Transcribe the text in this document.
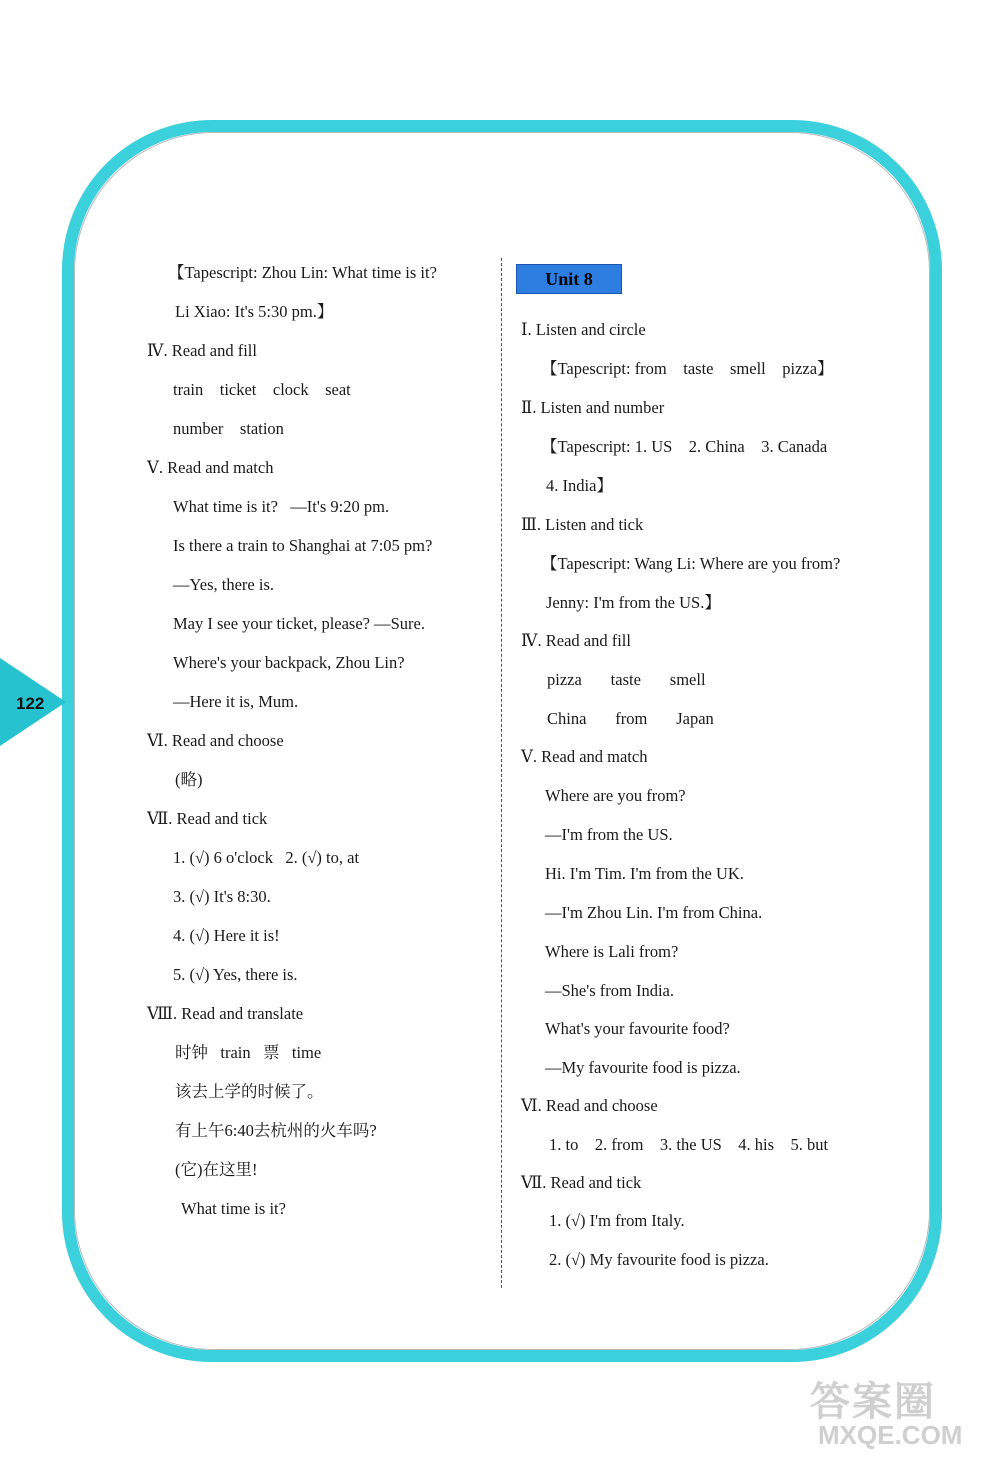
122
【Tapescript: Zhou Lin: What time is it?
Li Xiao: It's 5:30 pm.】
Ⅳ. Read and fill
train    ticket    clock    seat
number    station
Ⅴ. Read and match
What time is it?   —It's 9:20 pm.
Is there a train to Shanghai at 7:05 pm?
—Yes, there is.
May I see your ticket, please? —Sure.
Where's your backpack, Zhou Lin?
—Here it is, Mum.
Ⅵ. Read and choose
(略)
Ⅶ. Read and tick
1. (√) 6 o'clock   2. (√) to, at
3. (√) It's 8:30.
4. (√) Here it is!
5. (√) Yes, there is.
Ⅷ. Read and translate
时钟   train   票   time
该去上学的时候了。
有上午6:40去杭州的火车吗?
(它)在这里!
What time is it?
Unit 8
Ⅰ. Listen and circle
【Tapescript: from    taste    smell    pizza】
Ⅱ. Listen and number
【Tapescript: 1. US    2. China    3. Canada
4. India】
Ⅲ. Listen and tick
【Tapescript: Wang Li: Where are you from?
Jenny: I'm from the US.】
Ⅳ. Read and fill
pizza       taste       smell
China       from       Japan
Ⅴ. Read and match
Where are you from?
—I'm from the US.
Hi. I'm Tim. I'm from the UK.
—I'm Zhou Lin. I'm from China.
Where is Lali from?
—She's from India.
What's your favourite food?
—My favourite food is pizza.
Ⅵ. Read and choose
1. to    2. from    3. the US    4. his    5. but
Ⅶ. Read and tick
1. (√) I'm from Italy.
2. (√) My favourite food is pizza.
答案圈
MXQE.COM
